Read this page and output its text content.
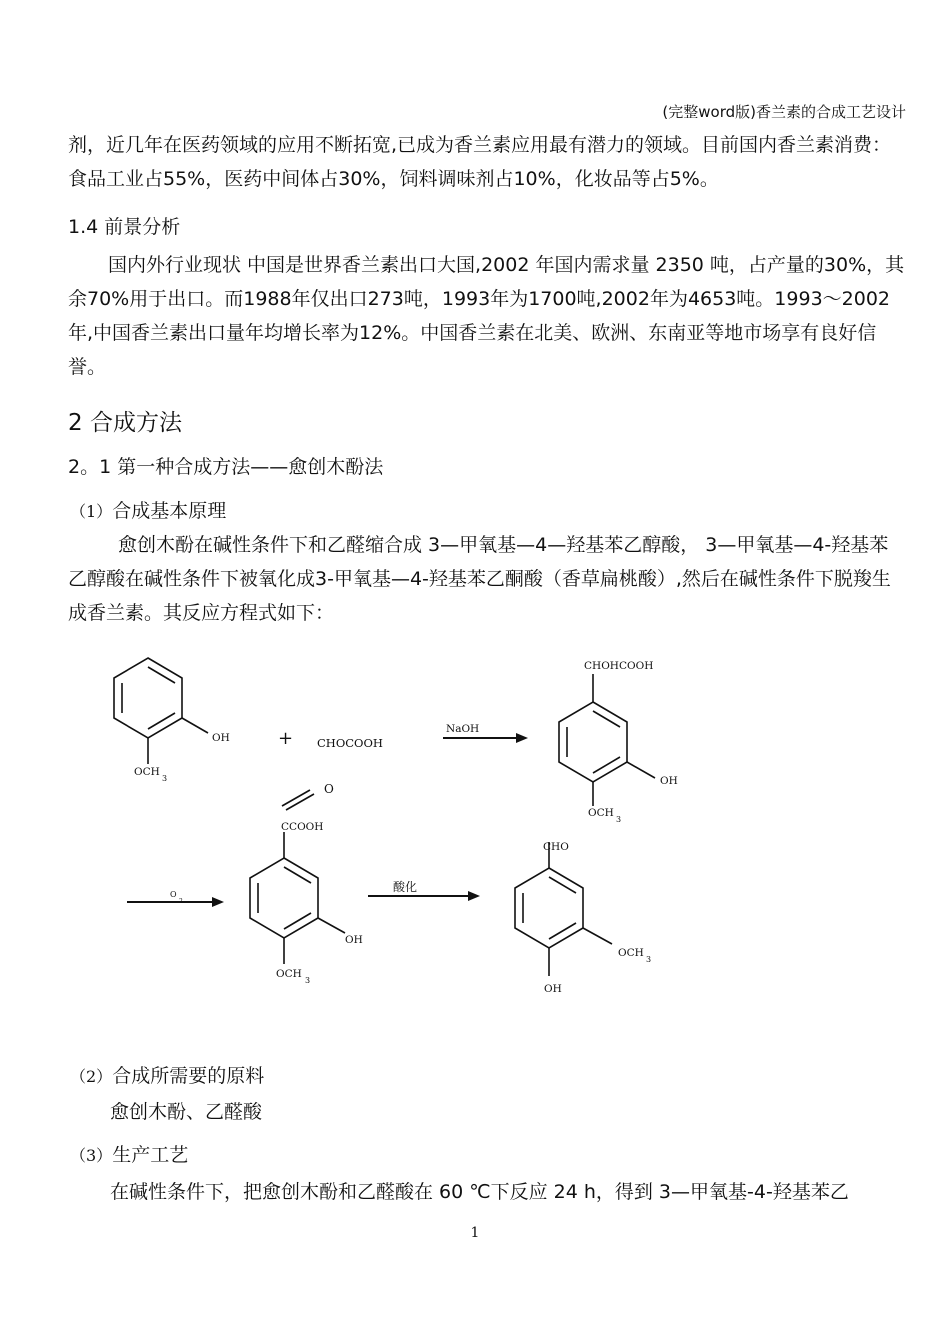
(完整word版)香兰素的合成工艺设计
剂，近几年在医药领域的应用不断拓宽,已成为香兰素应用最有潜力的领域。目前国内香兰素消费：食品工业占55%，医药中间体占30%，饲料调味剂占10%，化妆品等占5%。
1.4 前景分析
国内外行业现状 中国是世界香兰素出口大国,2002 年国内需求量 2350 吨，占产量的30%，其余70%用于出口。而1988年仅出口273吨，1993年为1700吨,2002年为4653吨。1993～2002年,中国香兰素出口量年均增长率为12%。中国香兰素在北美、欧洲、东南亚等地市场享有良好信誉。
2 合成方法
2。1 第一种合成方法——愈创木酚法
（1）合成基本原理
愈创木酚在碱性条件下和乙醛缩合成 3—甲氧基—4—羟基苯乙醇酸， 3—甲氧基—4-羟基苯乙醇酸在碱性条件下被氧化成3-甲氧基—4-羟基苯乙酮酸（香草扁桃酸）,然后在碱性条件下脱羧生成香兰素。其反应方程式如下：
OH
OCH
3
+ CHOCOOH
NaOH
CHOHCOOH
OH
OCH
3
O
CCOOH
O
2
OH
OCH
3
酸化
CHO
OCH
3
OH
（2）合成所需要的原料
愈创木酚、乙醛酸
（3）生产工艺
在碱性条件下，把愈创木酚和乙醛酸在 60 ℃下反应 24 h，得到 3—甲氧基-4-羟基苯乙
1
